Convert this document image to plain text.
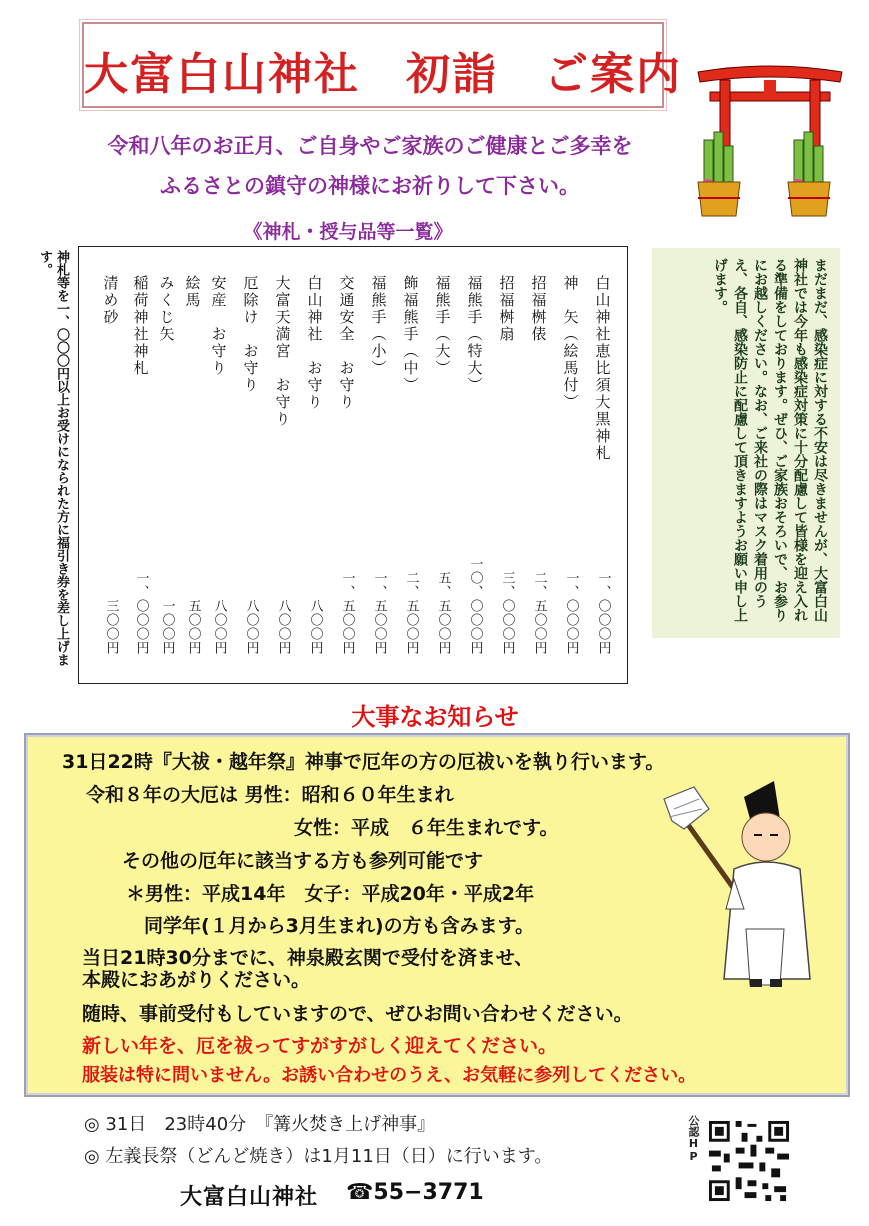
大富白山神社　初詣　ご案内
令和八年のお正月、ご自身やご家族のご健康とご多幸を
ふるさとの鎮守の神様にお祈りして下さい。
《神札・授与品等一覧》
神札等を一、〇〇〇円以上お受けになられた方に福引き券を差し上げます。
白山神社恵比須大黒神札
一、〇〇〇円
神　矢（絵馬付）
一、〇〇〇円
招福桝俵
二、五〇〇円
招福桝扇
三、〇〇〇円
福熊手（特大）
一〇、〇〇〇円
福熊手（大）
五、五〇〇円
飾福熊手（中）
二、五〇〇円
福熊手（小）
一、五〇〇円
交通安全　お守り
一、五〇〇円
白山神社　お守り
八〇〇円
大富天満宮　お守り
八〇〇円
厄除け　お守り
八〇〇円
安産　お守り
八〇〇円
絵馬
五〇〇円
みくじ矢
一〇〇円
稲荷神社神札
一、〇〇〇円
清め砂
三〇〇円
まだまだ、感染症に対する不安は尽きませんが、大富白山神社では今年も感染症対策に十分配慮して皆様を迎え入れる準備をしております。ぜひ、ご家族おそろいで、お参りにお越しください。なお、ご来社の際はマスク着用のうえ、各自、感染防止に配慮して頂きますようお願い申し上げます。
大事なお知らせ
31日22時『大祓・越年祭』神事で厄年の方の厄祓いを執り行います。
令和８年の大厄は 男性：昭和６０年生まれ
女性：平成　６年生まれです。
その他の厄年に該当する方も参列可能です
＊男性：平成14年　女子：平成20年・平成2年
同学年(１月から3月生まれ)の方も含みます。
当日21時30分までに、神泉殿玄関で受付を済ませ、
本殿におあがりください。
随時、事前受付もしていますので、ぜひお問い合わせください。
新しい年を、厄を祓ってすがすがしく迎えてください。
服装は特に問いません。お誘い合わせのうえ、お気軽に参列してください。
◎ 31日　23時40分　『篝火焚き上げ神事』
◎ 左義長祭（どんど焼き）は1月11日（日）に行います。
大富白山神社 ☎55−3771
公認HP
